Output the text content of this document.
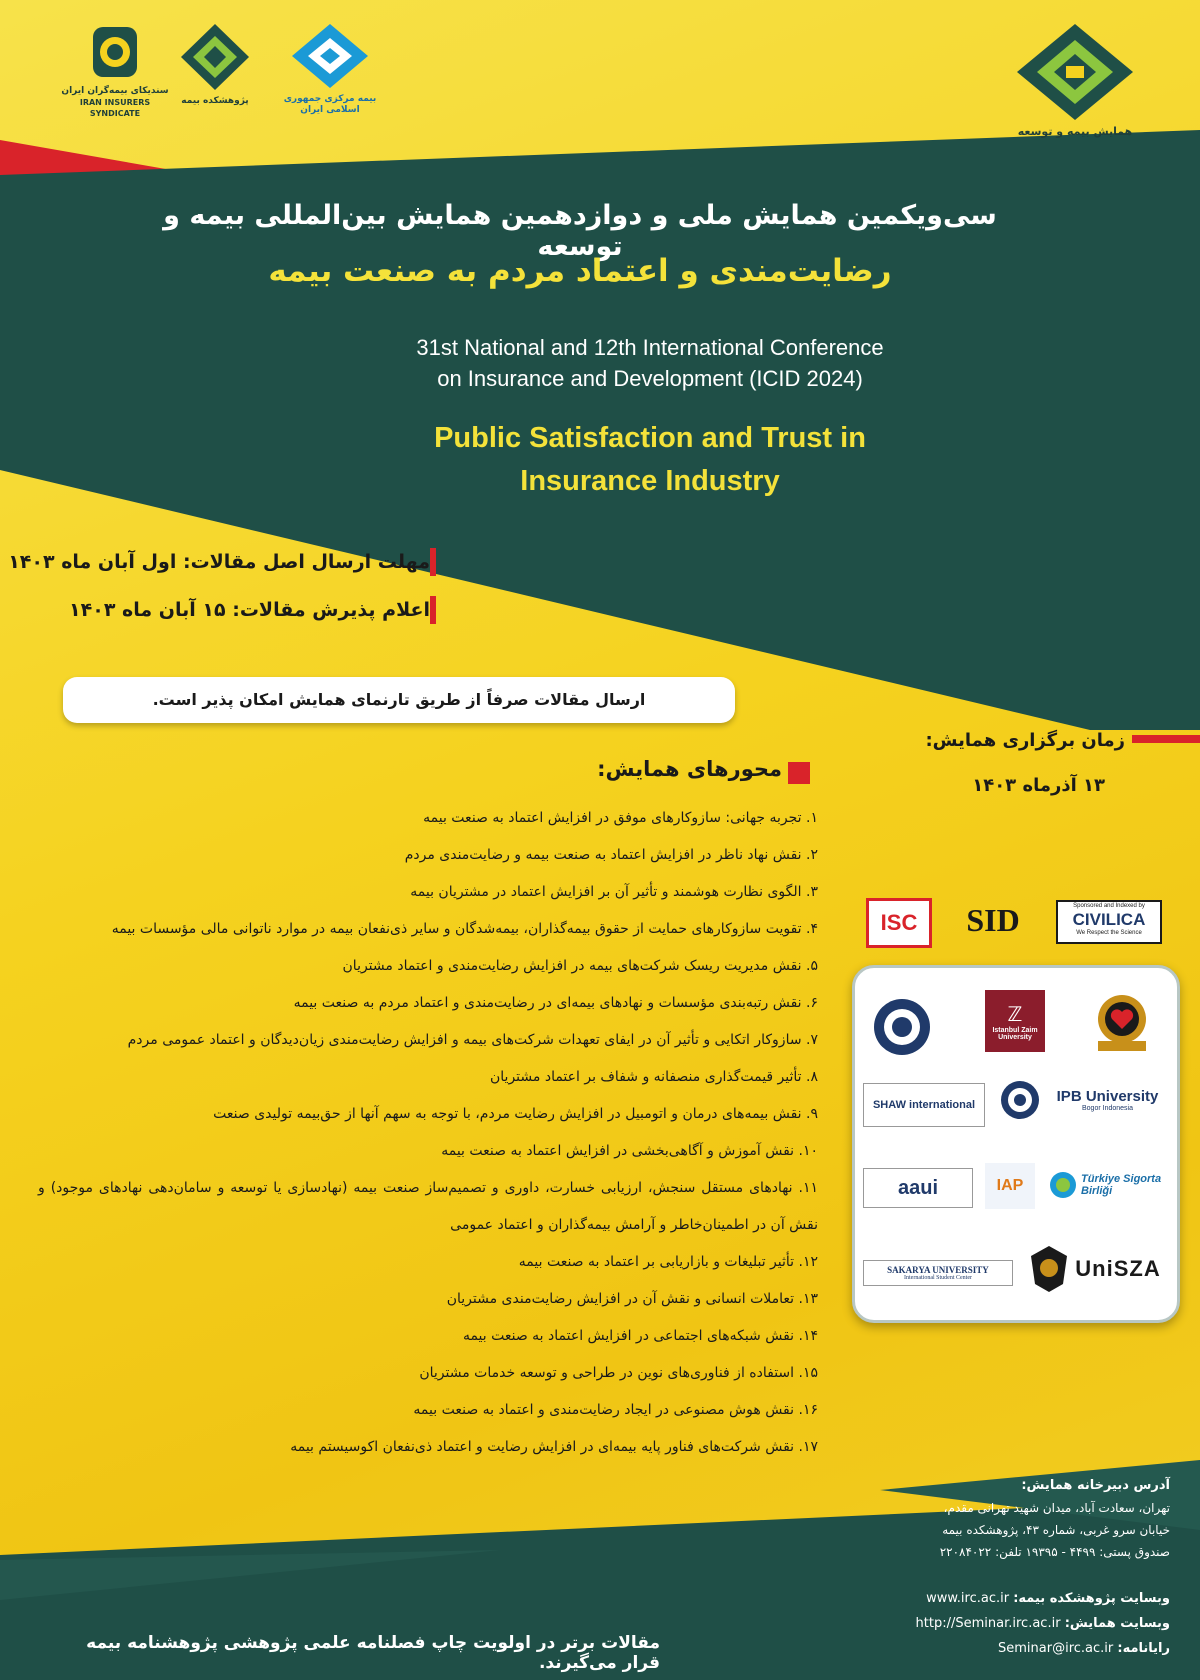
همایش بیمه و توسعه
بیمه مرکزی جمهوری اسلامی ایران
پژوهشکده بیمه
سندیکای بیمه‌گران ایران
IRAN INSURERS SYNDICATE
سی‌ویکمین همایش ملی و دوازدهمین همایش بین‌المللی بیمه و توسعه
رضایت‌مندی و اعتماد مردم به صنعت بیمه
31st National and 12th International Conference
on Insurance and Development (ICID 2024)
Public Satisfaction and Trust in
Insurance Industry
مهلت ارسال اصل مقالات: اول آبان ماه ۱۴۰۳
اعلام پذیرش مقالات: ۱۵ آبان ماه ۱۴۰۳
ارسال مقالات صرفاً از طریق تارنمای همایش امکان پذیر است.
زمان برگزاری همایش:
۱۳ آذرماه ۱۴۰۳
محورهای همایش:
۱. تجربه جهانی: سازوکارهای موفق در افزایش اعتماد به صنعت بیمه
۲. نقش نهاد ناظر در افزایش اعتماد به صنعت بیمه و رضایت‌مندی مردم
۳. الگوی نظارت هوشمند و تأثیر آن بر افزایش اعتماد در مشتریان بیمه
۴. تقویت سازوکارهای حمایت از حقوق بیمه‌گذاران، بیمه‌شدگان و سایر ذی‌نفعان بیمه در موارد ناتوانی مالی مؤسسات بیمه
۵. نقش مدیریت ریسک شرکت‌های بیمه در افزایش رضایت‌مندی و اعتماد مشتریان
۶. نقش رتبه‌بندی مؤسسات و نهادهای بیمه‌ای در رضایت‌مندی و اعتماد مردم به صنعت بیمه
۷. سازوکار اتکایی و تأثیر آن در ایفای تعهدات شرکت‌های بیمه و افزایش رضایت‌مندی زیان‌دیدگان و اعتماد عمومی مردم
۸. تأثیر قیمت‌گذاری منصفانه و شفاف بر اعتماد مشتریان
۹. نقش بیمه‌های درمان و اتومبیل در افزایش رضایت مردم، با توجه به سهم آنها از حق‌بیمه تولیدی صنعت
۱۰. نقش آموزش و آگاهی‌بخشی در افزایش اعتماد به صنعت بیمه
۱۱. نهادهای مستقل سنجش، ارزیابی خسارت، داوری و تصمیم‌ساز صنعت بیمه (نهادسازی یا توسعه و سامان‌دهی نهادهای موجود) و نقش آن در اطمینان‌خاطر و آرامش بیمه‌گذاران و اعتماد عمومی
۱۲. تأثیر تبلیغات و بازاریابی بر اعتماد به صنعت بیمه
۱۳. تعاملات انسانی و نقش آن در افزایش رضایت‌مندی مشتریان
۱۴. نقش شبکه‌های اجتماعی در افزایش اعتماد به صنعت بیمه
۱۵. استفاده از فناوری‌های نوین در طراحی و توسعه خدمات مشتریان
۱۶. نقش هوش مصنوعی در ایجاد رضایت‌مندی و اعتماد به صنعت بیمه
۱۷. نقش شرکت‌های فناور پایه بیمه‌ای در افزایش رضایت و اعتماد ذی‌نفعان اکوسیستم بیمه
ISC	SID	Sponsored and Indexed by
CIVILICA
We Respect the Science
ℤ
Istanbul Zaim University
SHAW international	IPB University
Bogor Indonesia
aaui	IAP	Türkiye Sigorta Birliği
SAKARYA UNIVERSITY
International Student Center	UniSZA
آدرس دبیرخانه همایش:
تهران، سعادت آباد، میدان شهید تهرانی مقدم،
خیابان سرو غربی، شماره ۴۳، پژوهشکده بیمه
صندوق پستی: ۴۴۹۹ - ۱۹۳۹۵ تلفن: ۲۲۰۸۴۰۲۲
وبسایت پژوهشکده بیمه: www.irc.ac.ir
وبسایت همایش: http://Seminar.irc.ac.ir
رایانامه: Seminar@irc.ac.ir
مقالات برتر در اولویت چاپ فصلنامه علمی پژوهشی پژوهشنامه بیمه قرار می‌گیرند.
